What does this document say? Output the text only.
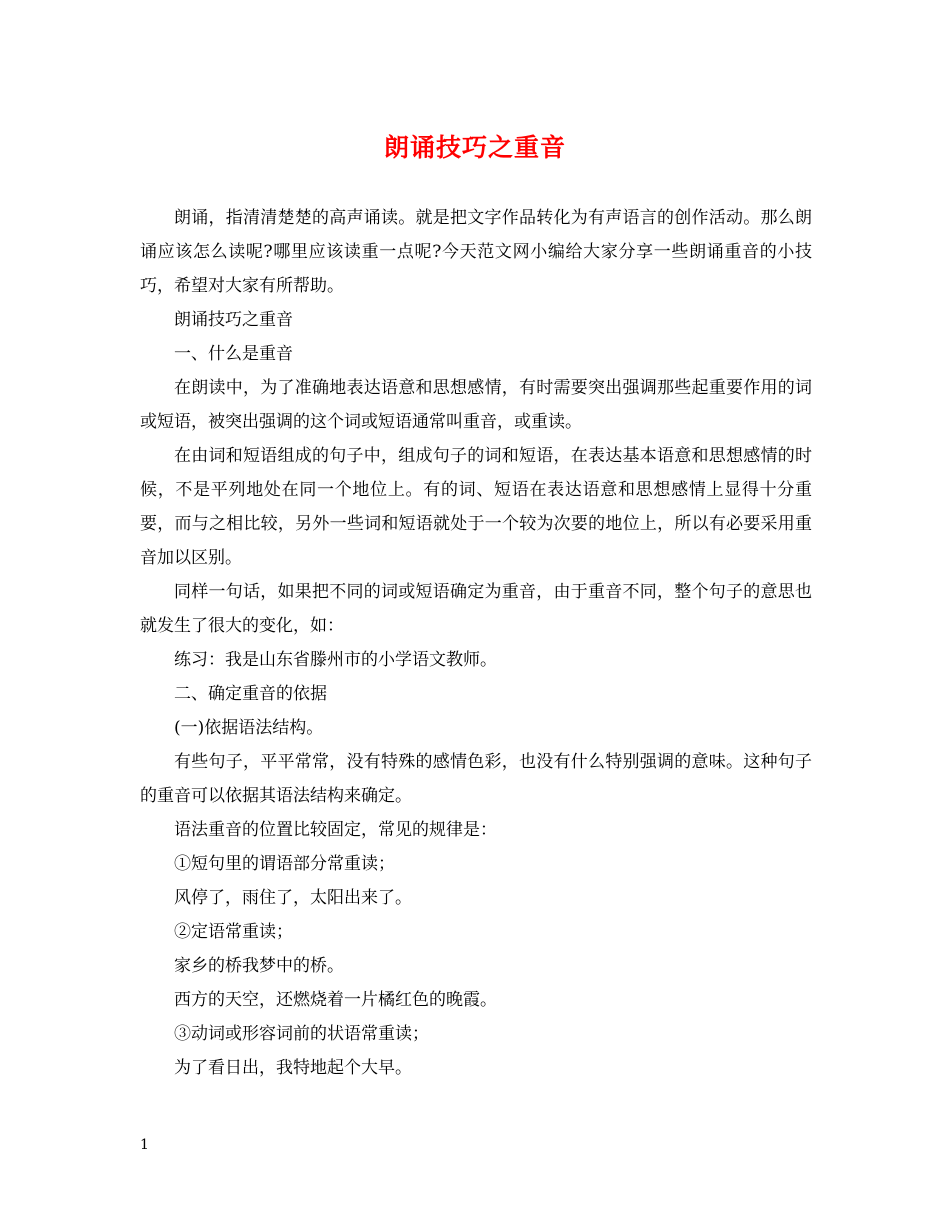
朗诵技巧之重音

朗诵，指清清楚楚的高声诵读。就是把文字作品转化为有声语言的创作活动。那么朗诵应该怎么读呢?哪里应该读重一点呢?今天范文网小编给大家分享一些朗诵重音的小技巧，希望对大家有所帮助。

朗诵技巧之重音

一、什么是重音

在朗读中，为了准确地表达语意和思想感情，有时需要突出强调那些起重要作用的词或短语，被突出强调的这个词或短语通常叫重音，或重读。

在由词和短语组成的句子中，组成句子的词和短语，在表达基本语意和思想感情的时候，不是平列地处在同一个地位上。有的词、短语在表达语意和思想感情上显得十分重要，而与之相比较，另外一些词和短语就处于一个较为次要的地位上，所以有必要采用重音加以区别。

同样一句话，如果把不同的词或短语确定为重音，由于重音不同，整个句子的意思也就发生了很大的变化，如：

练习：我是山东省滕州市的小学语文教师。

二、确定重音的依据

(一)依据语法结构。

有些句子，平平常常，没有特殊的感情色彩，也没有什么特别强调的意味。这种句子的重音可以依据其语法结构来确定。

语法重音的位置比较固定，常见的规律是：

①短句里的谓语部分常重读；

风停了，雨住了，太阳出来了。

②定语常重读；

家乡的桥我梦中的桥。

西方的天空，还燃烧着一片橘红色的晚霞。

③动词或形容词前的状语常重读；

为了看日出，我特地起个大早。

1
